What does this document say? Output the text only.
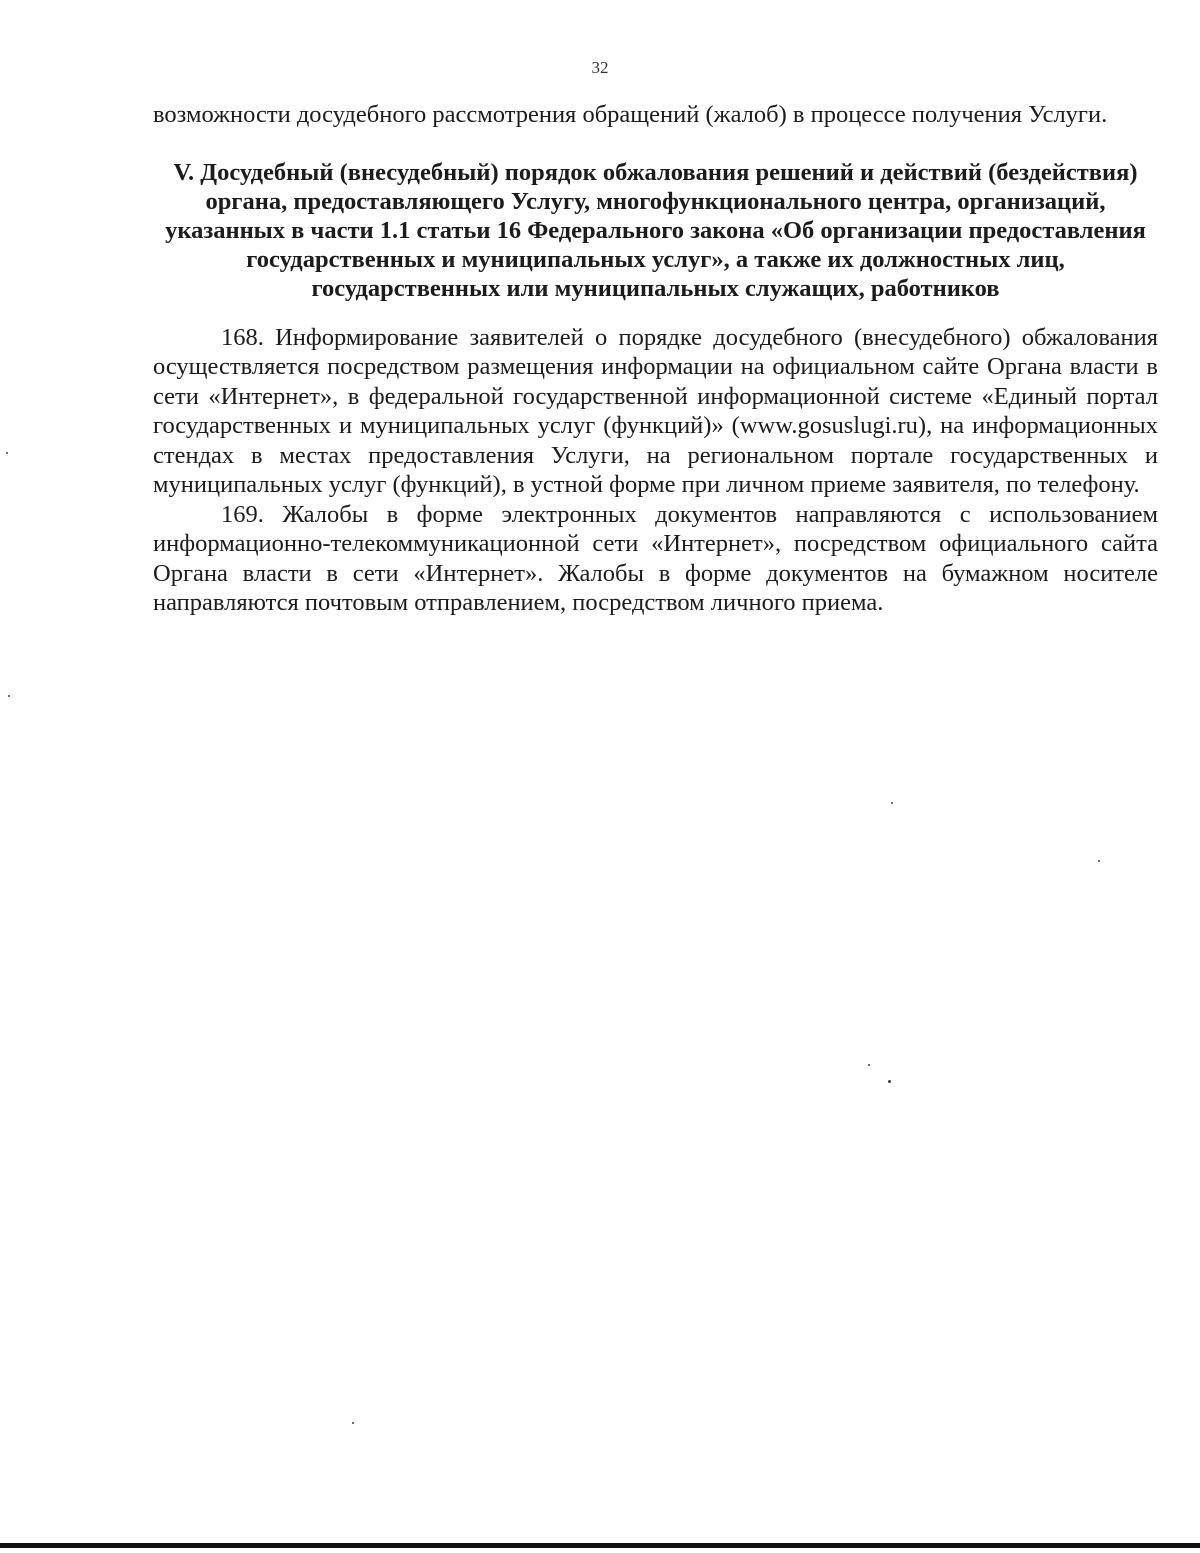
32

возможности досудебного рассмотрения обращений (жалоб) в процессе получения Услуги.

V. Досудебный (внесудебный) порядок обжалования решений и действий (бездействия) органа, предоставляющего Услугу, многофункционального центра, организаций, указанных в части 1.1 статьи 16 Федерального закона «Об организации предоставления государственных и муниципальных услуг», а также их должностных лиц, государственных или муниципальных служащих, работников

168. Информирование заявителей о порядке досудебного (внесудебного) обжалования осуществляется посредством размещения информации на официальном сайте Органа власти в сети «Интернет», в федеральной государственной информационной системе «Единый портал государственных и муниципальных услуг (функций)» (www.gosuslugi.ru), на информационных стендах в местах предоставления Услуги, на региональном портале государственных и муниципальных услуг (функций), в устной форме при личном приеме заявителя, по телефону.

169. Жалобы в форме электронных документов направляются с использованием информационно-телекоммуникационной сети «Интернет», посредством официального сайта Органа власти в сети «Интернет». Жалобы в форме документов на бумажном носителе направляются почтовым отправлением, посредством личного приема.
